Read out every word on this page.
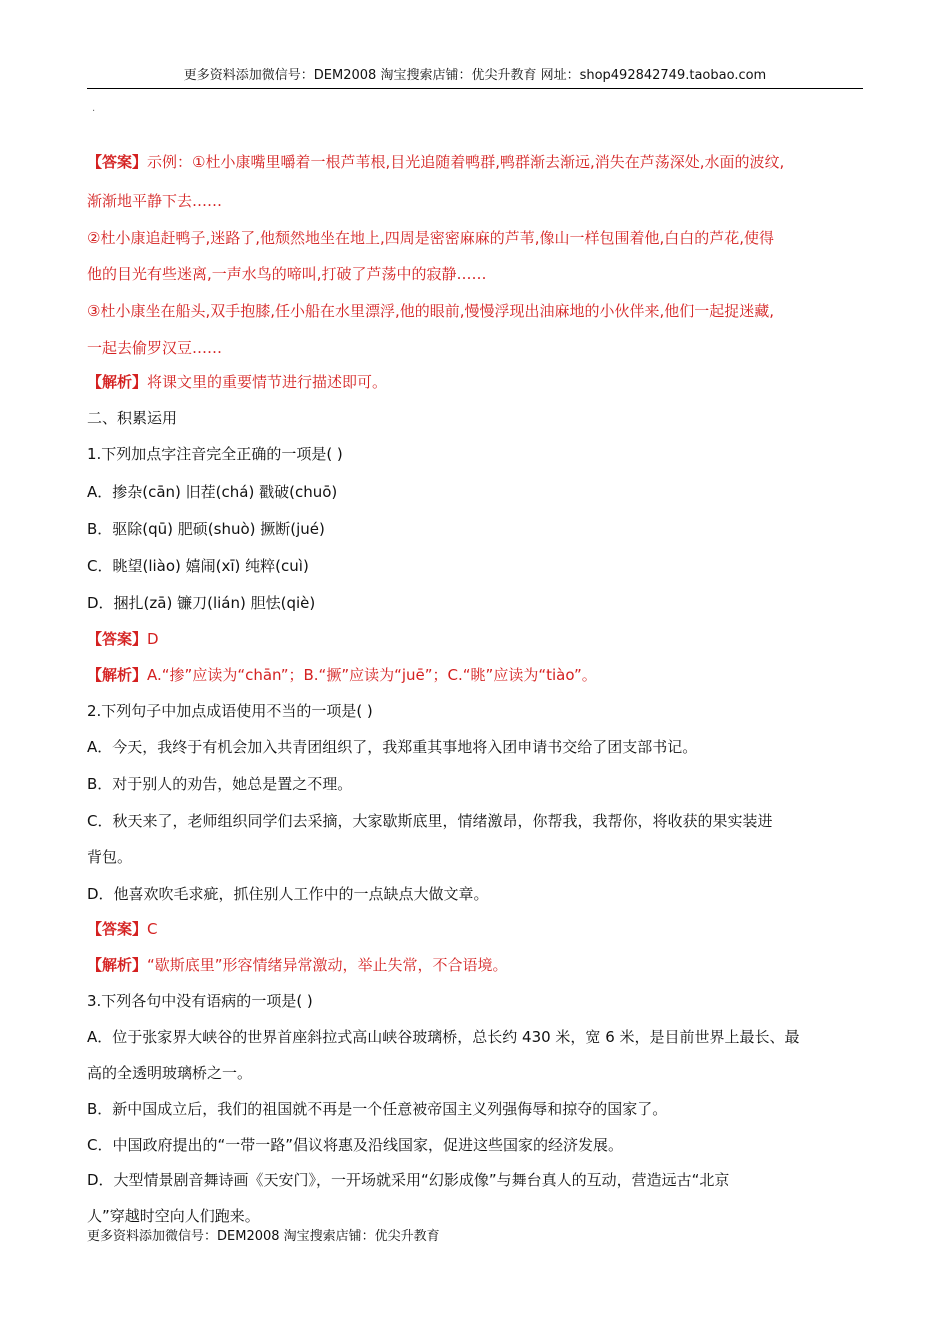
更多资料添加微信号：DEM2008 淘宝搜索店铺：优尖升教育 网址：shop492842749.taobao.com
.
【答案】示例：①杜小康嘴里嚼着一根芦苇根,目光追随着鸭群,鸭群渐去渐远,消失在芦荡深处,水面的波纹,
渐渐地平静下去……
②杜小康追赶鸭子,迷路了,他颓然地坐在地上,四周是密密麻麻的芦苇,像山一样包围着他,白白的芦花,使得
他的目光有些迷离,一声水鸟的啼叫,打破了芦荡中的寂静……
③杜小康坐在船头,双手抱膝,任小船在水里漂浮,他的眼前,慢慢浮现出油麻地的小伙伴来,他们一起捉迷藏,
一起去偷罗汉豆……
【解析】将课文里的重要情节进行描述即可。
二、积累运用
1.下列加点字注音完全正确的一项是( )
A．掺杂(cān) 旧茬(chá) 戳破(chuō)
B．驱除(qū) 肥硕(shuò) 撅断(jué)
C．眺望(liào) 嬉闹(xī) 纯粹(cuì)
D．捆扎(zā) 镰刀(lián) 胆怯(qiè)
【答案】D
【解析】A.“掺”应读为“chān”；B.“撅”应读为“juē”；C.“眺”应读为“tiào”。
2.下列句子中加点成语使用不当的一项是( )
A．今天，我终于有机会加入共青团组织了，我郑重其事地将入团申请书交给了团支部书记。
B．对于别人的劝告，她总是置之不理。
C．秋天来了，老师组织同学们去采摘，大家歇斯底里，情绪激昂，你帮我，我帮你，将收获的果实装进
背包。
D．他喜欢吹毛求疵，抓住别人工作中的一点缺点大做文章。
【答案】C
【解析】“歇斯底里”形容情绪异常激动，举止失常，不合语境。
3.下列各句中没有语病的一项是( )
A．位于张家界大峡谷的世界首座斜拉式高山峡谷玻璃桥，总长约 430 米，宽 6 米，是目前世界上最长、最
高的全透明玻璃桥之一。
B．新中国成立后，我们的祖国就不再是一个任意被帝国主义列强侮辱和掠夺的国家了。
C．中国政府提出的“一带一路”倡议将惠及沿线国家，促进这些国家的经济发展。
D．大型情景剧音舞诗画《天安门》，一开场就采用“幻影成像”与舞台真人的互动，营造远古“北京
人”穿越时空向人们跑来。
更多资料添加微信号：DEM2008 淘宝搜索店铺：优尖升教育
